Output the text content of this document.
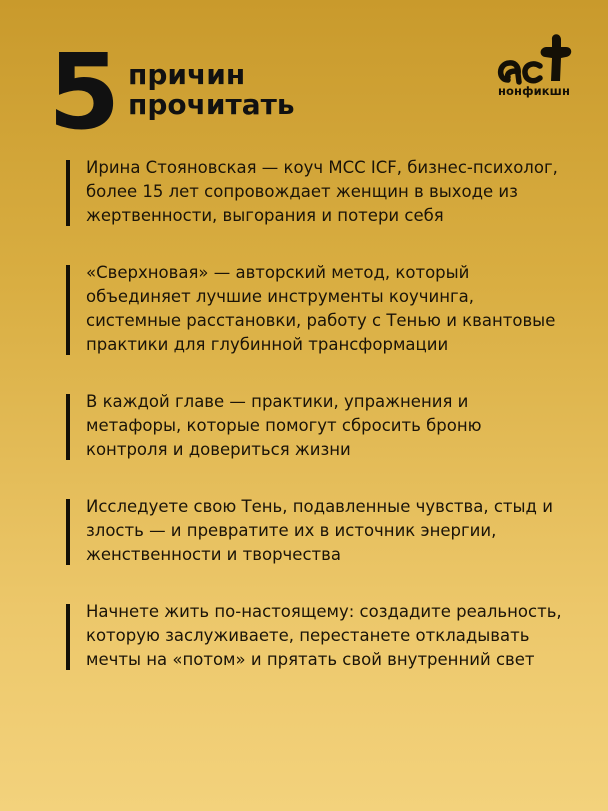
5 причин
прочитать	нонфикшн
Ирина Стояновская — коуч MCC ICF, бизнес-психолог, более 15 лет сопровождает женщин в выходе из жертвенности, выгорания и потери себя
«Сверхновая» — авторский метод, который объединяет лучшие инструменты коучинга, системные расстановки, работу с Тенью и квантовые практики для глубинной трансформации
В каждой главе — практики, упражнения и метафоры, которые помогут сбросить броню контроля и довериться жизни
Исследуете свою Тень, подавленные чувства, стыд и злость — и превратите их в источник энергии, женственности и творчества
Начнете жить по-настоящему: создадите реальность, которую заслуживаете, перестанете откладывать мечты на «потом» и прятать свой внутренний свет
